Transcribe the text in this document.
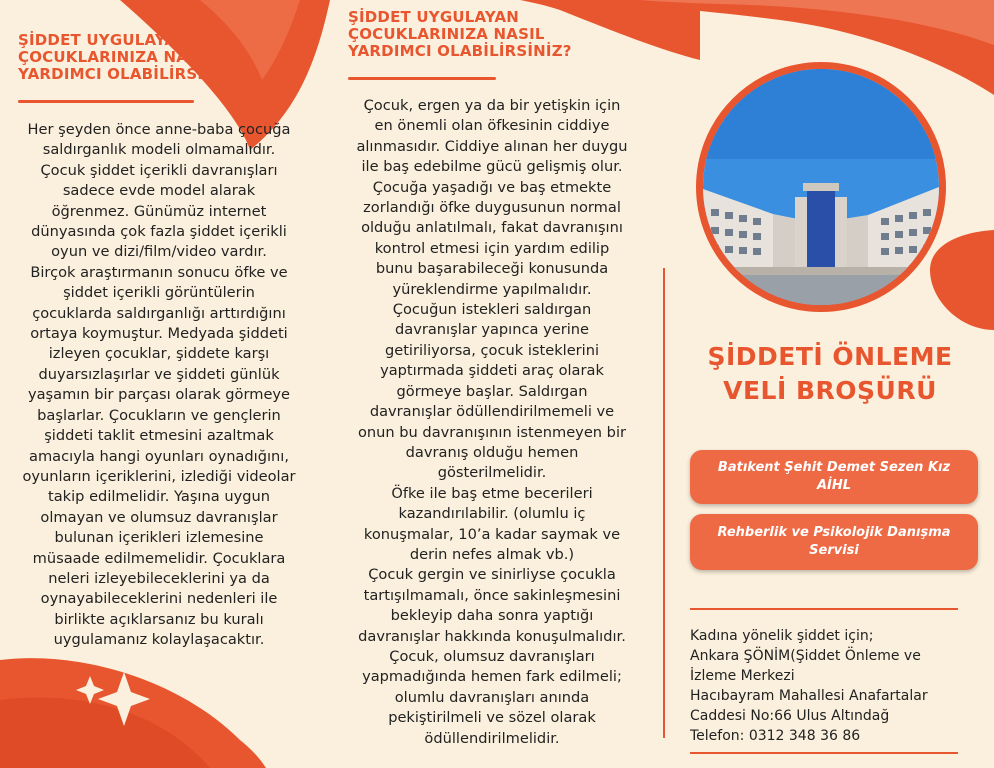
ŞİDDET UYGULAYAN
ÇOCUKLARINIZA NASIL
YARDIMCI OLABİLİRSİNİZ?
Her şeyden önce anne-baba çocuğa
saldırganlık modeli olmamalıdır.
Çocuk şiddet içerikli davranışları
sadece evde model alarak
öğrenmez. Günümüz internet
dünyasında çok fazla şiddet içerikli
oyun ve dizi/film/video vardır.
Birçok araştırmanın sonucu öfke ve
şiddet içerikli görüntülerin
çocuklarda saldırganlığı arttırdığını
ortaya koymuştur. Medyada şiddeti
izleyen çocuklar, şiddete karşı
duyarsızlaşırlar ve şiddeti günlük
yaşamın bir parçası olarak görmeye
başlarlar. Çocukların ve gençlerin
şiddeti taklit etmesini azaltmak
amacıyla hangi oyunları oynadığını,
oyunların içeriklerini, izlediği videolar
takip edilmelidir. Yaşına uygun
olmayan ve olumsuz davranışlar
bulunan içerikleri izlemesine
müsaade edilmemelidir. Çocuklara
neleri izleyebileceklerini ya da
oynayabileceklerini nedenleri ile
birlikte açıklarsanız bu kuralı
uygulamanız kolaylaşacaktır.
ŞİDDET UYGULAYAN
ÇOCUKLARINIZA NASIL
YARDIMCI OLABİLİRSİNİZ?
Çocuk, ergen ya da bir yetişkin için
en önemli olan öfkesinin ciddiye
alınmasıdır. Ciddiye alınan her duygu
ile baş edebilme gücü gelişmiş olur.
Çocuğa yaşadığı ve baş etmekte
zorlandığı öfke duygusunun normal
olduğu anlatılmalı, fakat davranışını
kontrol etmesi için yardım edilip
bunu başarabileceği konusunda
yüreklendirme yapılmalıdır.
Çocuğun istekleri saldırgan
davranışlar yapınca yerine
getiriliyorsa, çocuk isteklerini
yaptırmada şiddeti araç olarak
görmeye başlar. Saldırgan
davranışlar ödüllendirilmemeli ve
onun bu davranışının istenmeyen bir
davranış olduğu hemen
gösterilmelidir.
Öfke ile baş etme becerileri
kazandırılabilir. (olumlu iç
konuşmalar, 10’a kadar saymak ve
derin nefes almak vb.)
Çocuk gergin ve sinirliyse çocukla
tartışılmamalı, önce sakinleşmesini
bekleyip daha sonra yaptığı
davranışlar hakkında konuşulmalıdır.
Çocuk, olumsuz davranışları
yapmadığında hemen fark edilmeli;
olumlu davranışları anında
pekiştirilmeli ve sözel olarak
ödüllendirilmelidir.
ŞİDDETİ ÖNLEME
VELİ BROŞÜRÜ
Batıkent Şehit Demet Sezen Kız AİHL
Rehberlik ve Psikolojik Danışma Servisi
Kadına yönelik şiddet için;
Ankara ŞÖNİM(Şiddet Önleme ve
İzleme Merkezi
Hacıbayram Mahallesi Anafartalar
Caddesi No:66 Ulus Altındağ
Telefon: 0312 348 36 86
